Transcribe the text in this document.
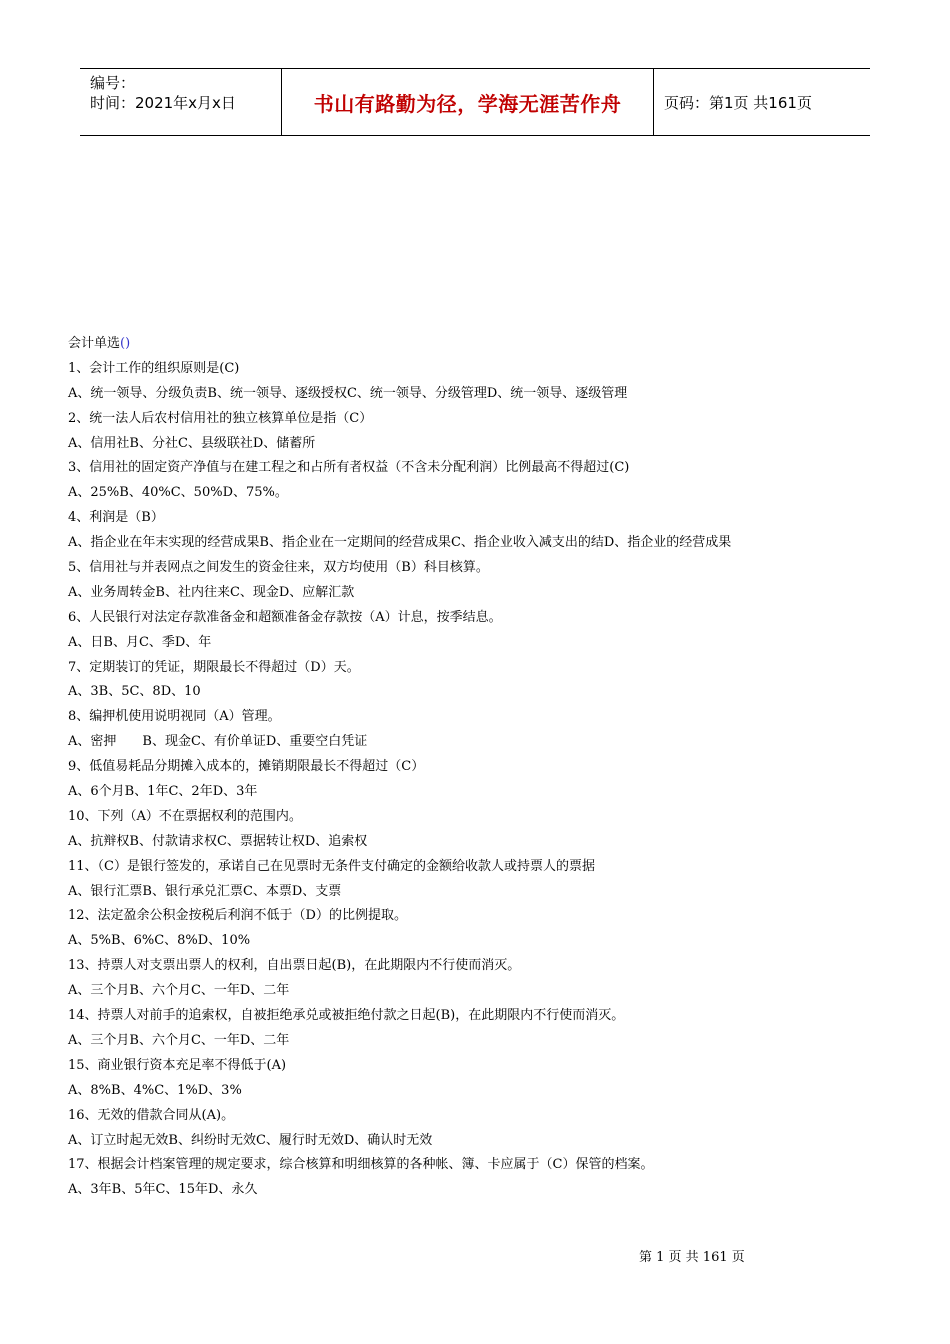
编号：
时间：2021年x月x日	书山有路勤为径，学海无涯苦作舟	页码：第1页 共161页
会计单选()
1、会计工作的组织原则是(C)
A、统一领导、分级负责B、统一领导、逐级授权C、统一领导、分级管理D、统一领导、逐级管理
2、统一法人后农村信用社的独立核算单位是指（C）
A、信用社B、分社C、县级联社D、储蓄所
3、信用社的固定资产净值与在建工程之和占所有者权益（不含未分配利润）比例最高不得超过(C)
A、25%B、40%C、50%D、75%。
4、利润是（B）
A、指企业在年末实现的经营成果B、指企业在一定期间的经营成果C、指企业收入减支出的结D、指企业的经营成果
5、信用社与并表网点之间发生的资金往来，双方均使用（B）科目核算。
A、业务周转金B、社内往来C、现金D、应解汇款
6、人民银行对法定存款准备金和超额准备金存款按（A）计息，按季结息。
A、日B、月C、季D、年
7、定期装订的凭证，期限最长不得超过（D）天。
A、3B、5C、8D、10
8、编押机使用说明视同（A）管理。
A、密押　　B、现金C、有价单证D、重要空白凭证
9、低值易耗品分期摊入成本的，摊销期限最长不得超过（C）
A、6个月B、1年C、2年D、3年
10、下列（A）不在票据权利的范围内。
A、抗辩权B、付款请求权C、票据转让权D、追索权
11、（C）是银行签发的，承诺自己在见票时无条件支付确定的金额给收款人或持票人的票据
A、银行汇票B、银行承兑汇票C、本票D、支票
12、法定盈余公积金按税后利润不低于（D）的比例提取。
A、5%B、6%C、8%D、10%
13、持票人对支票出票人的权利，自出票日起(B)，在此期限内不行使而消灭。
A、三个月B、六个月C、一年D、二年
14、持票人对前手的追索权，自被拒绝承兑或被拒绝付款之日起(B)，在此期限内不行使而消灭。
A、三个月B、六个月C、一年D、二年
15、商业银行资本充足率不得低于(A)
A、8%B、4%C、1%D、3%
16、无效的借款合同从(A)。
A、订立时起无效B、纠纷时无效C、履行时无效D、确认时无效
17、根据会计档案管理的规定要求，综合核算和明细核算的各种帐、簿、卡应属于（C）保管的档案。
A、3年B、5年C、15年D、永久
第 1 页 共 161 页
